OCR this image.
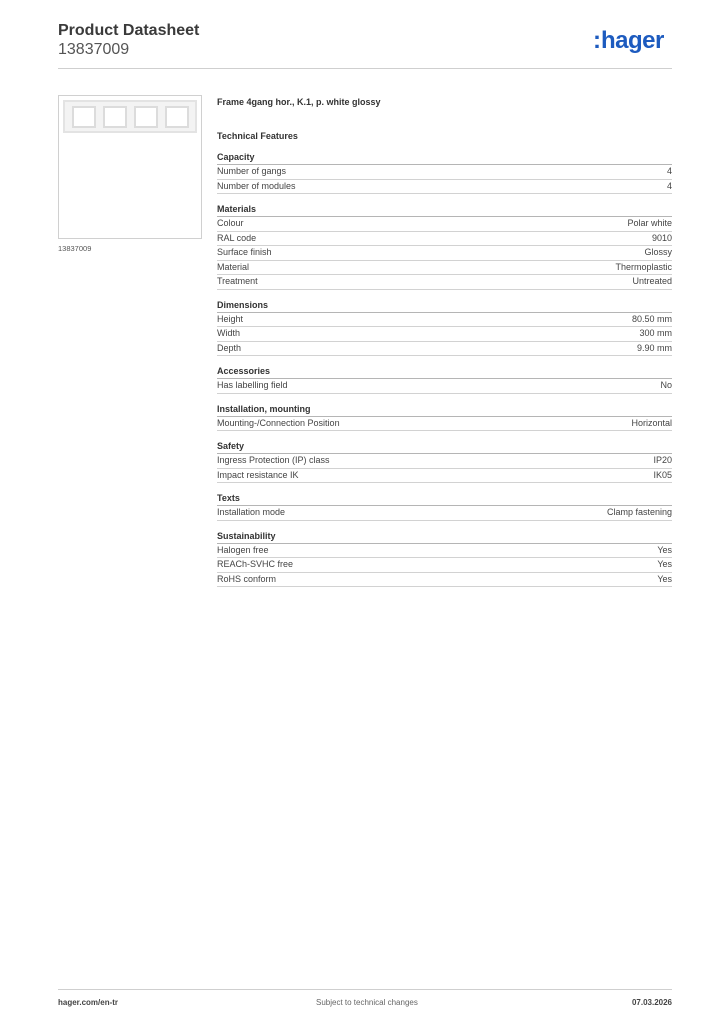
Product Datasheet
13837009	:hager
13837009
Frame 4gang hor., K.1, p. white glossy
Technical Features
Capacity
Number of gangs	4
Number of modules	4
Materials
Colour	Polar white
RAL code	9010
Surface finish	Glossy
Material	Thermoplastic
Treatment	Untreated
Dimensions
Height	80.50 mm
Width	300 mm
Depth	9.90 mm
Accessories
Has labelling field	No
Installation, mounting
Mounting-/Connection Position	Horizontal
Safety
Ingress Protection (IP) class	IP20
Impact resistance IK	IK05
Texts
Installation mode	Clamp fastening
Sustainability
Halogen free	Yes
REACh-SVHC free	Yes
RoHS conform	Yes
hager.com/en-tr	Subject to technical changes	07.03.2026
